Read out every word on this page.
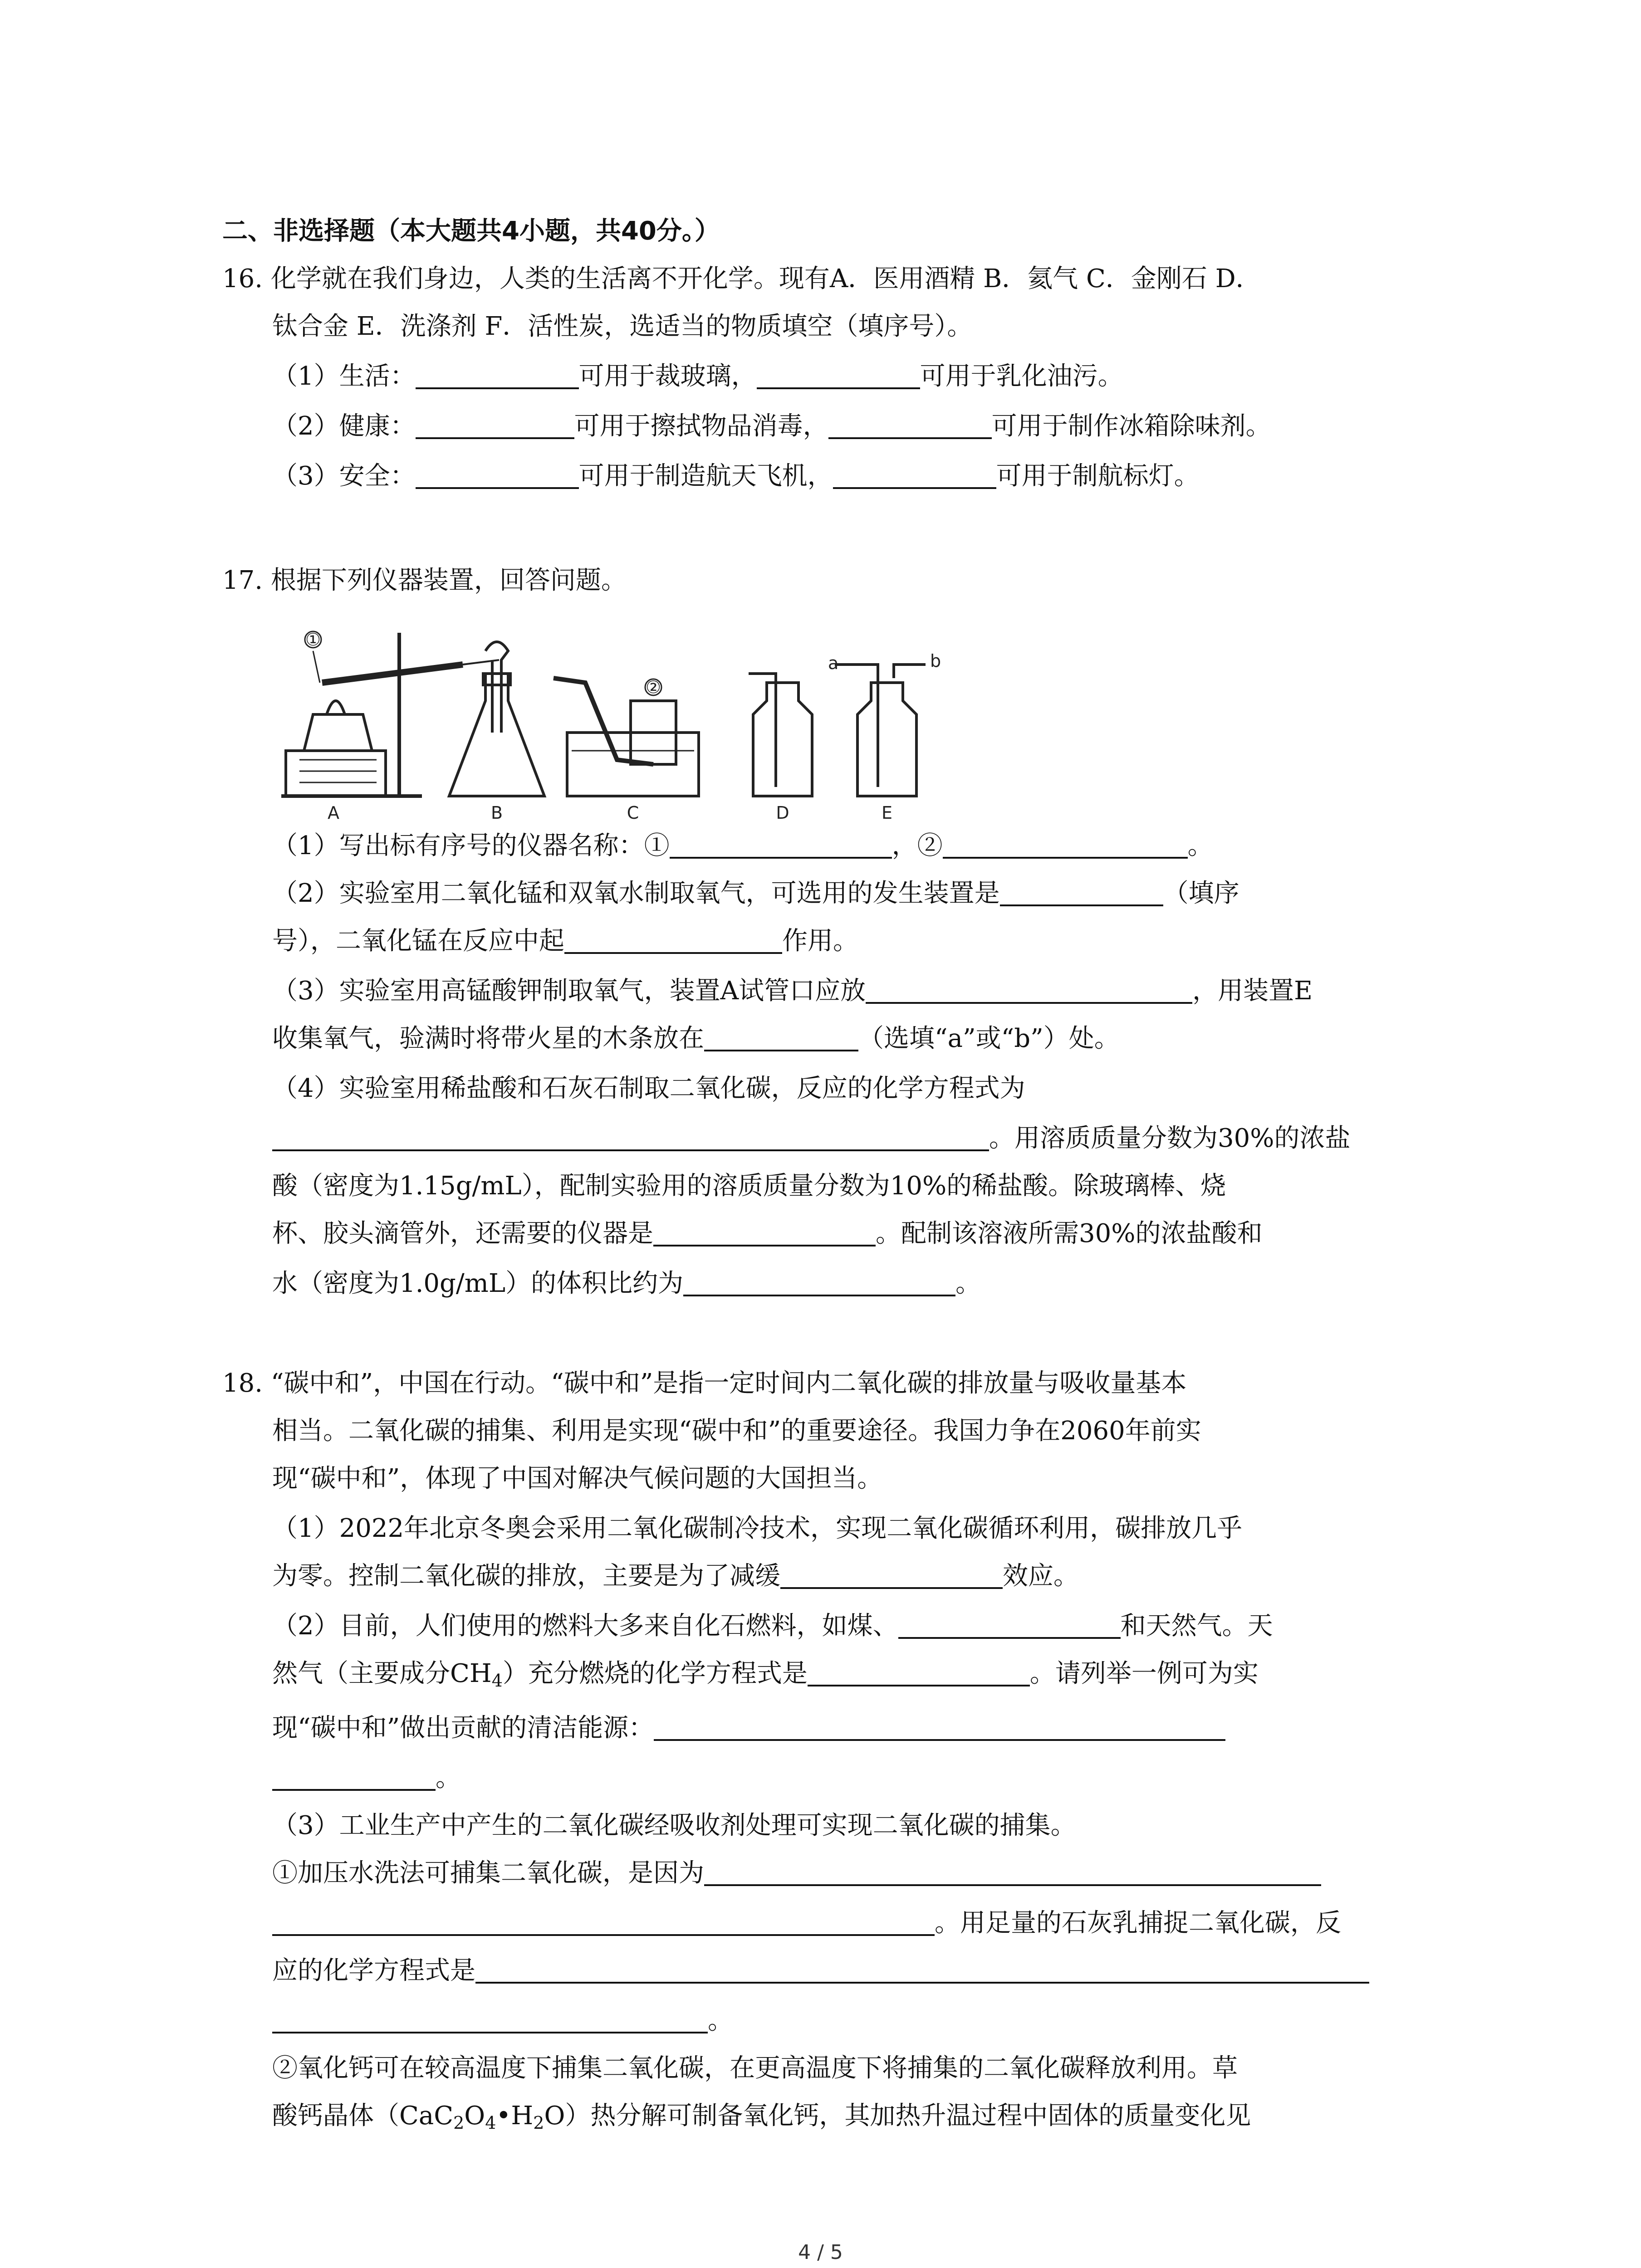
二、非选择题（本大题共4小题，共40分。）
16. 化学就在我们身边，人类的生活离不开化学。现有A．医用酒精 B．氦气 C．金刚石 D．
钛合金 E．洗涤剂 F．活性炭，选适当的物质填空（填序号）。
（1）生活：	可用于裁玻璃，	可用于乳化油污。
（2）健康：	可用于擦拭物品消毒，	可用于制作冰箱除味剂。
（3）安全：	可用于制造航天飞机，	可用于制航标灯。
17. 根据下列仪器装置，回答问题。
①
A	B
②
C	D
a	b
E
（1）写出标有序号的仪器名称：①	，②	。
（2）实验室用二氧化锰和双氧水制取氧气，可选用的发生装置是	（填序
号），二氧化锰在反应中起	作用。
（3）实验室用高锰酸钾制取氧气，装置A试管口应放	，用装置E
收集氧气，验满时将带火星的木条放在	（选填“a”或“b”）处。
（4）实验室用稀盐酸和石灰石制取二氧化碳，反应的化学方程式为
。用溶质质量分数为30%的浓盐
酸（密度为1.15g/mL），配制实验用的溶质质量分数为10%的稀盐酸。除玻璃棒、烧
杯、胶头滴管外，还需要的仪器是	。配制该溶液所需30%的浓盐酸和
水（密度为1.0g/mL）的体积比约为	。
18. “碳中和”，中国在行动。“碳中和”是指一定时间内二氧化碳的排放量与吸收量基本
相当。二氧化碳的捕集、利用是实现“碳中和”的重要途径。我国力争在2060年前实
现“碳中和”，体现了中国对解决气候问题的大国担当。
（1）2022年北京冬奥会采用二氧化碳制冷技术，实现二氧化碳循环利用，碳排放几乎
为零。控制二氧化碳的排放，主要是为了减缓	效应。
（2）目前，人们使用的燃料大多来自化石燃料，如煤、	和天然气。天
然气（主要成分$CH_4$）充分燃烧的化学方程式是	。请列举一例可为实
现“碳中和”做出贡献的清洁能源：
。
（3）工业生产中产生的二氧化碳经吸收剂处理可实现二氧化碳的捕集。
①加压水洗法可捕集二氧化碳，是因为
。用足量的石灰乳捕捉二氧化碳，反
应的化学方程式是
。
②氧化钙可在较高温度下捕集二氧化碳，在更高温度下将捕集的二氧化碳释放利用。草
酸钙晶体$(CaC_2O_4•H_2O)$热分解可制备氧化钙，其加热升温过程中固体的质量变化见
4 / 5
